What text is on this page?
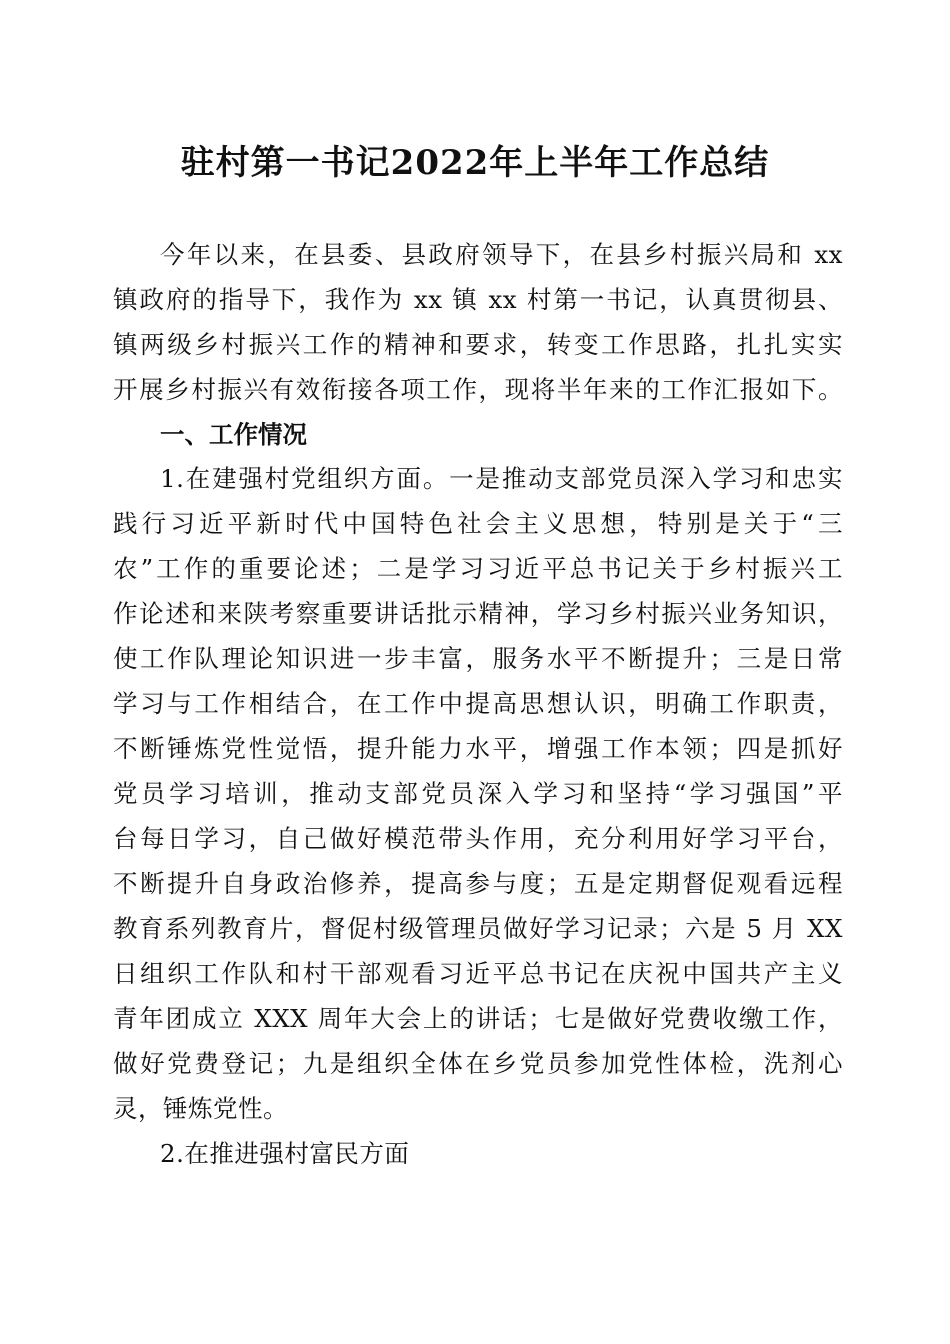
驻村第一书记2022年上半年工作总结
今年以来，在县委、县政府领导下，在县乡村振兴局和 xx
镇政府的指导下，我作为 xx 镇 xx 村第一书记，认真贯彻县、
镇两级乡村振兴工作的精神和要求，转变工作思路，扎扎实实
开展乡村振兴有效衔接各项工作，现将半年来的工作汇报如下。
一、工作情况
1.在建强村党组织方面。一是推动支部党员深入学习和忠实
践行习近平新时代中国特色社会主义思想，特别是关于“三
农”工作的重要论述；二是学习习近平总书记关于乡村振兴工
作论述和来陕考察重要讲话批示精神，学习乡村振兴业务知识，
使工作队理论知识进一步丰富，服务水平不断提升；三是日常
学习与工作相结合，在工作中提高思想认识，明确工作职责，
不断锤炼党性觉悟，提升能力水平，增强工作本领；四是抓好
党员学习培训，推动支部党员深入学习和坚持“学习强国”平
台每日学习，自己做好模范带头作用，充分利用好学习平台，
不断提升自身政治修养，提高参与度；五是定期督促观看远程
教育系列教育片，督促村级管理员做好学习记录；六是 5 月 XX
日组织工作队和村干部观看习近平总书记在庆祝中国共产主义
青年团成立 XXX 周年大会上的讲话；七是做好党费收缴工作，
做好党费登记；九是组织全体在乡党员参加党性体检，洗剂心
灵，锤炼党性。
2.在推进强村富民方面
